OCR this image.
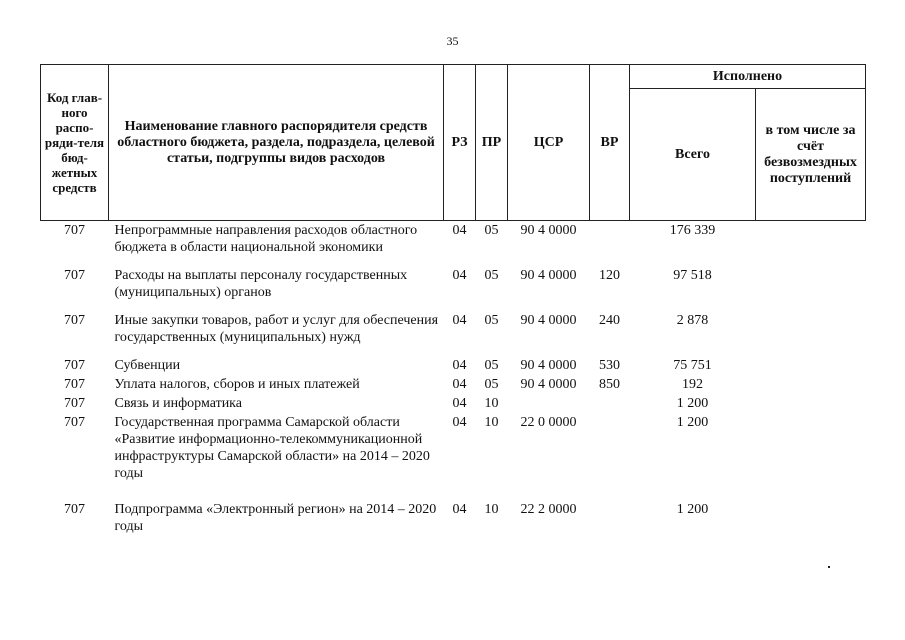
35
Код глав-ного распо-ряди-теля бюд-жетных средств	Наименование главного распорядителя средств областного бюджета, раздела, подраздела, целевой статьи, подгруппы видов расходов	РЗ	ПР	ЦСР	ВР	Исполнено	
						Всего	в том числе за счёт безвозмездных поступлений
707	Непрограммные направления расходов областного бюджета в области национальной экономики	04	05	90 4 0000		176 339	
707	Расходы на выплаты персоналу государственных (муниципальных) органов	04	05	90 4 0000	120	97 518	
707	Иные закупки товаров, работ и услуг для обеспечения государственных (муниципальных) нужд	04	05	90 4 0000	240	2 878	
707	Субвенции	04	05	90 4 0000	530	75 751	
707	Уплата налогов, сборов и иных платежей	04	05	90 4 0000	850	192	
707	Связь и информатика	04	10			1 200	
707	Государственная программа Самарской области «Развитие информационно-телекоммуникационной инфраструктуры Самарской области» на 2014 – 2020 годы	04	10	22 0 0000		1 200	
707	Подпрограмма «Электронный регион» на 2014 – 2020 годы	04	10	22 2 0000		1 200	
